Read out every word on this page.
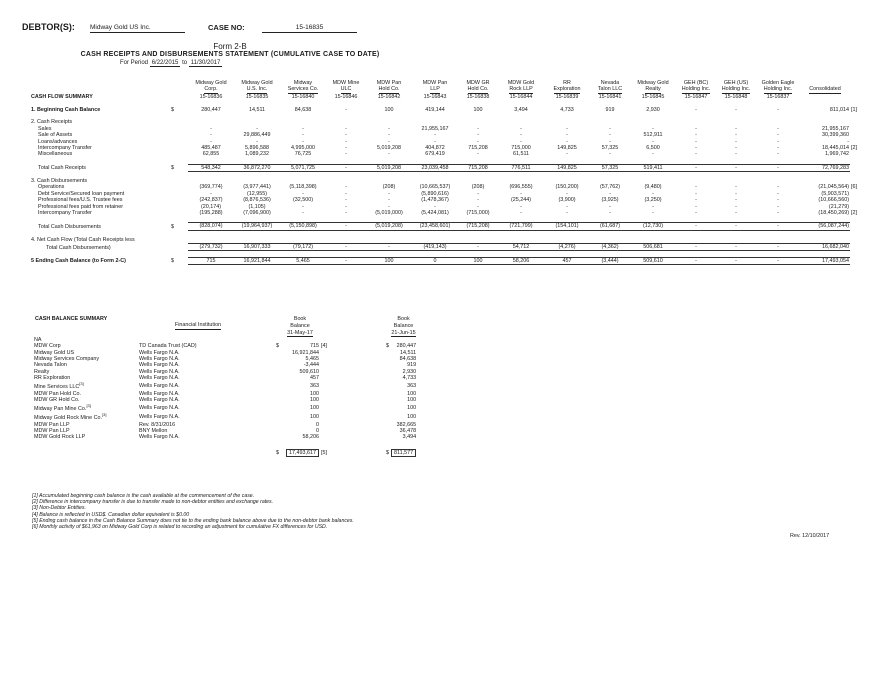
DEBTOR(S): Midway Gold US Inc.	CASE NO:	15-16835
Form 2-B
CASH RECEIPTS AND DISBURSEMENTS STATEMENT (CUMULATIVE CASE TO DATE)
For Period 6/22/2015 to 11/30/2017
		Midway Gold	Midway Gold	Midway	MDW Mine	MDW Pan	MDW Pan	MDW GR	MDW Gold	RR	Nevada	Midway Gold	GEH (BC)	GEH (US)	Golden Eagle		
		Corp.	U.S. Inc.	Services Co.	ULC	Hold Co.	LLP	Hold Co.	Rock LLP	Exploration	Talon LLC	Realty	Holding Inc.	Holding Inc.	Holding Inc.	Consolidated	
CASH FLOW SUMMARY		15-16836	15-16835	15-16840	15-16846	15-16842	15-16843	15-16838	15-16844	15-16839	15-16841	15-16845	15-16847	15-16848	15-16837		

1. Beginning Cash Balance	$	280,447	14,511	84,638	-	100	419,144	100	3,494	4,733	919	2,930	-	-	-	811,014	[1]

2. Cash Receipts																	
Sales		-	-	-	-	-	21,955,167	-	-	-	-	-	-	-	-	21,955,167	
Sale of Assets		-	29,886,449	-	-	-	-	-	-	-	-	512,911	-	-	-	30,399,360	
Loans/advances		-	-	-	-	-	-	-	-	-	-	-	-	-	-	-	
Intercompany Transfer		485,487	5,896,588	4,995,000	-	5,019,208	404,872	715,208	715,000	149,825	57,325	6,500	-	-	-	18,445,014	[2]
Miscellaneous		62,855	1,089,232	76,725	-	-	679,419	-	61,511	-	-	-	-	-	-	1,969,742	

Total Cash Receipts	$	548,342	36,872,270	5,071,725	-	5,019,208	23,039,458	715,208	776,511	149,825	57,325	519,411	-	-	-	72,769,283	

3. Cash Disbursements																	
Operations		(369,774)	(3,977,441)	(5,118,398)	-	(208)	(10,665,537)	(208)	(696,555)	(150,200)	(57,762)	(9,480)	-	-	-	(21,045,564)	[6]
Debt Service/Secured loan payment		-	(12,955)	-	-	-	(5,890,616)	-	-	-	-	-	-	-	-	(5,903,571)	
Professional fees/U.S. Trustee fees		(242,837)	(8,876,536)	(32,500)	-	-	(1,478,367)	-	(25,244)	(3,900)	(3,925)	(3,250)	-	-	-	(10,666,560)	
Professional fees paid from retainer		(20,174)	(1,105)	-	-	-	-	-	-	-	-	-	-	-	-	(21,279)	
Intercompany Transfer		(195,288)	(7,096,900)	-	-	(5,019,000)	(5,424,081)	(715,000)	-	-	-	-	-	-	-	(18,450,269)	[2]

Total Cash Disbursements	$	(828,074)	(19,964,937)	(5,150,898)	-	(5,019,208)	(23,458,601)	(715,208)	(721,799)	(154,101)	(61,687)	(12,730)	-	-	-	(56,087,244)	

4. Net Cash Flow (Total Cash Receipts less																	
Total Cash Disbursements)		(279,732)	16,907,333	(79,172)	-	-	(419,143)	-	54,712	(4,276)	(4,362)	506,681	-	-	-	16,682,040	

5 Ending Cash Balance (to Form 2-C)	$	715	16,921,844	5,465	-	100	0	100	58,206	457	(3,444)	509,610	-	-	-	17,493,054	
CASH BALANCE SUMMARY			Book			Book	
	Financial Institution		Balance			Balance	
			31-May-17			21-Jun-15	
NA							
MDW Corp	TD Canada Trust (CAD)	$	715	[4]	$	280,447	
Midway Gold US	Wells Fargo N.A.		16,921,844			14,511	
Midway Services Company	Wells Fargo N.A.		5,465			84,638	
Nevada Talon	Wells Fargo N.A.		-3,444			919	
Realty	Wells Fargo N.A.		509,610			2,930	
RR Exploration	Wells Fargo N.A.		457			4,733	
Mine Services LLC[3]	Wells Fargo N.A.		363			363	
MDW Pan Hold Co.	Wells Fargo N.A.		100			100	
MDW GR Hold Co.	Wells Fargo N.A.		100			100	
Midway Pan Mine Co.[3]	Wells Fargo N.A.		100			100	
Midway Gold Rock Mine Co.[3]	Wells Fargo N.A.		100			100	
MDW Pan LLP	Rev. 8/31/2016		0			382,665	
MDW Pan LLP	BNY Mellon		0			36,478	
MDW Gold Rock LLP	Wells Fargo N.A.		58,206			3,494	

		$	17,493,617	[5]	$	811,577	
[1] Accumulated beginning cash balance is the cash available at the commencement of the case.
[2] Difference in intercompany transfer is due to transfer made to non-debtor entities and exchange rates.
[3] Non-Debtor Entities.
[4] Balance is reflected in USD$. Canadian dollar equivalent is $0.00
[5] Ending cash balance in the Cash Balance Summary does not tie to the ending bank balance above due to the non-debtor bank balances.
[6] Monthly activity of $61,963 on Midway Gold Corp is related to recording an adjustment for cumulative FX differences for USD.
Rev. 12/10/2017
